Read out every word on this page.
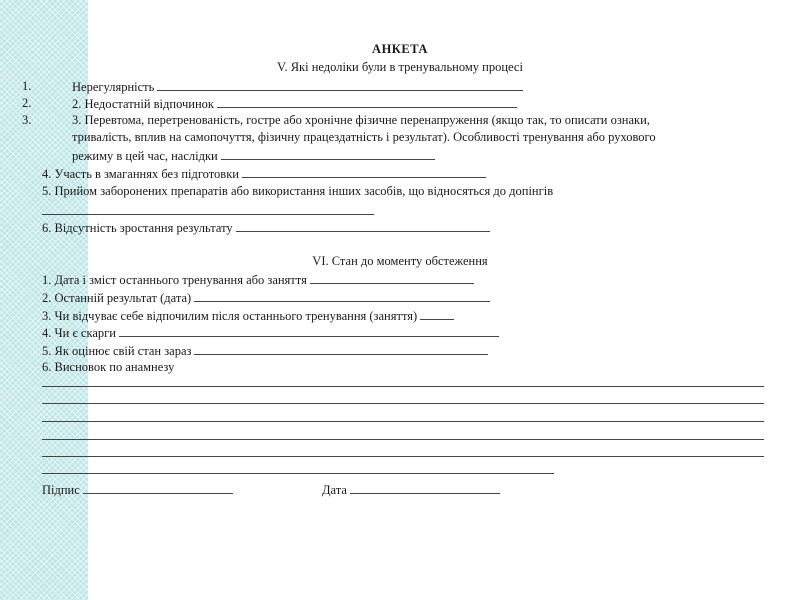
АНКЕТА
V. Які недоліки були в тренувальному процесі
1.	Нерегулярність
2.	2. Недостатній відпочинок
3.	3. Перевтома, перетренованість, гостре або хронічне фізичне перенапруження (якщо так, то описати ознаки,
тривалість, вплив на самопочуття, фізичну працездатність і результат). Особливості тренування або рухового
режиму в цей час, наслідки
4. Участь в змаганнях без підготовки
5. Прийом заборонених препаратів або використання інших засобів, що відносяться до допінгів
6. Відсутність зростання результату
VI. Стан до моменту обстеження
1. Дата і зміст останнього тренування або заняття
2. Останній результат (дата)
3. Чи відчуває себе відпочилим після останнього тренування (заняття)
4. Чи є скарги
5. Як оцінює свій стан зараз
6. Висновок по анамнезу
Підпис	Дата
